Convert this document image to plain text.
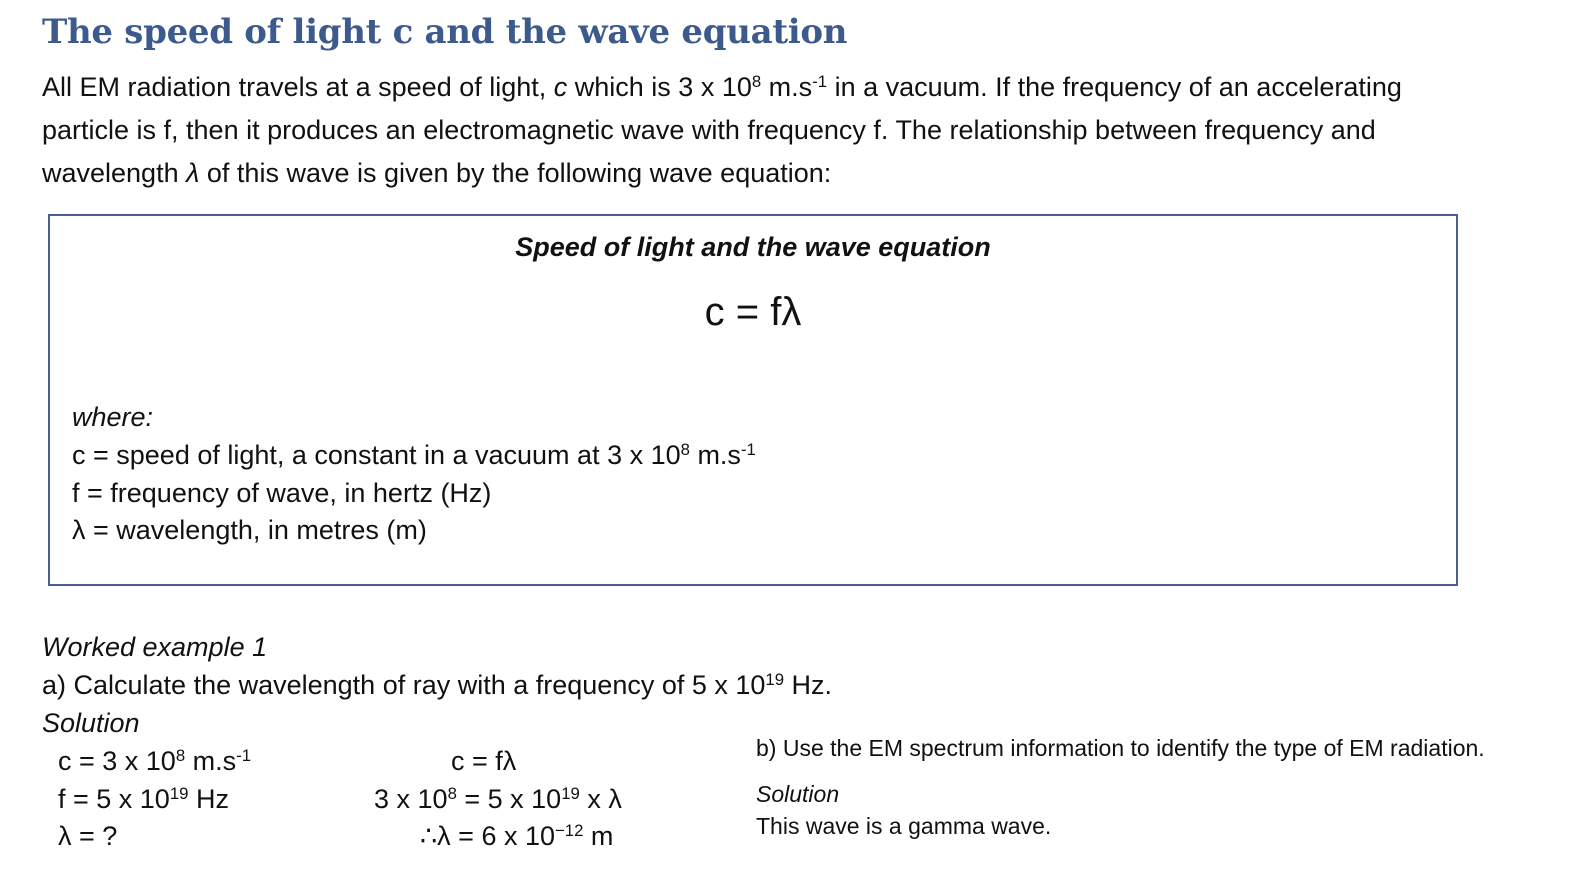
The speed of light c and the wave equation
All EM radiation travels at a speed of light, c which is 3 x $10^8$ $m.s^{-1}$ in a vacuum. If the frequency of an accelerating
particle is f, then it produces an electromagnetic wave with frequency f. The relationship between frequency and
wavelength λ of this wave is given by the following wave equation:
Speed of light and the wave equation
c = fλ
where:
c = speed of light, a constant in a vacuum at 3 x $10^8$ $m.s^{-1}$
f = frequency of wave, in hertz (Hz)
λ = wavelength, in metres (m)
Worked example 1
a) Calculate the wavelength of ray with a frequency of 5 x $10^{19}$ Hz.
Solution
c = 3 x $10^8$ $m.s^{-1}$
f = 5 x $10^{19}$ Hz
λ = ?
c = fλ
3 x $10^8 = 5$ x $10^{19}$ x λ
∴λ = 6 x $10^{-12}$ m
b) Use the EM spectrum information to identify the type of EM radiation.
Solution
This wave is a gamma wave.
